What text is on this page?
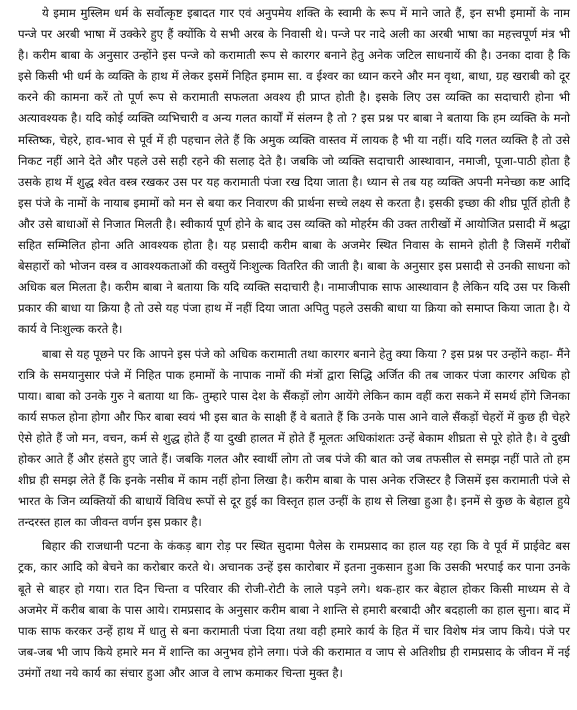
ये इमाम मुस्लिम धर्म के सर्वोत्कृष्ट इबादत गार एवं अनुपमेय शक्ति के स्वामी के रूप में माने जाते हैं, इन सभी इमामों के नाम पन्जे पर अरबी भाषा में उक्केरे हुए हैं क्योंकि ये सभी अरब के निवासी थे। पन्जे पर नादे अली का अरबी भाषा का महत्त्वपूर्ण मंत्र भी है। करीम बाबा के अनुसार उन्होंने इस पन्जे को करामाती रूप से कारगर बनाने हेतु अनेक जटिल साधनायें की है। उनका दावा है कि इसे किसी भी धर्म के व्यक्ति के हाथ में लेकर इसमें निहित इमाम सा. व ईश्वर का ध्यान करने और मन वृथा, बाधा, ग्रह खराबी को दूर करने की कामना करें तो पूर्ण रूप से करामाती सफलता अवश्य ही प्राप्त होती है। इसके लिए उस व्यक्ति का सदाचारी होना भी अत्यावश्यक है। यदि कोई व्यक्ति व्यभिचारी व अन्य गलत कार्यों में संलग्न है तो ? इस प्रश्न पर बाबा ने बताया कि हम व्यक्ति के मनो मस्तिष्क, चेहरे, हाव-भाव से पूर्व में ही पहचान लेते हैं कि अमुक व्यक्ति वास्तव में लायक है भी या नहीं। यदि गलत व्यक्ति है तो उसे निकट नहीं आने देते और पहले उसे सही रहने की सलाह देते है। जबकि जो व्यक्ति सदाचारी आस्थावान, नमाजी, पूजा-पाठी होता है उसके हाथ में शुद्ध श्वेत वस्त्र रखकर उस पर यह करामाती पंजा रख दिया जाता है। ध्यान से तब यह व्यक्ति अपनी मनेच्छा कष्ट आदि इस पंजे के नामों के नायाब इमामों को मन से बया कर निवारण की प्रार्थना सच्चे लक्ष्य से करता है। इसकी इच्छा की शीघ्र पूर्ति होती है और उसे बाधाओं से निजात मिलती है। स्वीकार्य पूर्ण होने के बाद उस व्यक्ति को मोहर्रम की उक्त तारीखों में आयोजित प्रसादी में श्रद्धा सहित सम्मिलित होना अति आवश्यक होता है। यह प्रसादी करीम बाबा के अजमेर स्थित निवास के सामने होती है जिसमें गरीबों बेसहारों को भोजन वस्त्र व आवश्यकताओं की वस्तुयें निःशुल्क वितरित की जाती है। बाबा के अनुसार इस प्रसादी से उनकी साधना को अधिक बल मिलता है। करीम बाबा ने बताया कि यदि व्यक्ति सदाचारी है। नामाजीपाक साफ आस्थावान है लेकिन यदि उस पर किसी प्रकार की बाधा या क्रिया है तो उसे यह पंजा हाथ में नहीं दिया जाता अपितु पहले उसकी बाधा या क्रिया को समाप्त किया जाता है। ये कार्य वे निःशुल्क करते है।

बाबा से यह पूछने पर कि आपने इस पंजे को अधिक करामाती तथा कारगर बनाने हेतु क्या किया ? इस प्रश्न पर उन्होंने कहा- मैंने रात्रि के समयानुसार पंजे में निहित पाक हमामों के नापाक नामों की मंत्रों द्वारा सिद्धि अर्जित की तब जाकर पंजा कारगर अधिक हो पाया। बाबा को उनके गुरु ने बताया था कि- तुम्हारे पास देश के सैंकड़ों लोग आयेंगे लेकिन काम वहीं करा सकने में समर्थ होंगे जिनका कार्य सफल होना होगा और फिर बाबा स्वयं भी इस बात के साक्षी हैं वे बताते हैं कि उनके पास आने वाले सैंकड़ों चेहरों में कुछ ही चेहरे ऐसे होते हैं जो मन, वचन, कर्म से शुद्ध होते हैं या दुखी हालत में होते हैं मूलतः अधिकांशतः उन्हें बेकाम शीघ्रता से पूरे होते है। वे दुखी होकर आते हैं और हंसते हुए जाते हैं। जबकि गलत और स्वार्थी लोग तो जब पंजे की बात को जब तफसील से समझ नहीं पाते तो हम शीघ्र ही समझ लेते हैं कि इनके नसीब में काम नहीं होना लिखा है। करीम बाबा के पास अनेक रजिस्टर है जिसमें इस करामाती पंजे से भारत के जिन व्यक्तियों की बाधायें विविध रूपों से दूर हुई का विस्तृत हाल उन्हीं के हाथ से लिखा हुआ है। इनमें से कुछ के बेहाल हुये तन्दरस्त हाल का जीवन्त वर्णन इस प्रकार है।

बिहार की राजधानी पटना के कंकड़ बाग रोड़ पर स्थित सुदामा पैलेस के रामप्रसाद का हाल यह रहा कि वे पूर्व में प्राईवेट बस ट्रक, कार आदि को बेचने का करोबार करते थे। अचानक उन्हें इस कारोबार में इतना नुकसान हुआ कि उसकी भरपाई कर पाना उनके बूते से बाहर हो गया। रात दिन चिन्ता व परिवार की रोजी-रोटी के लाले पड़ने लगे। थक-हार कर बेहाल होकर किसी माध्यम से वे अजमेर में करीब बाबा के पास आये। रामप्रसाद के अनुसार करीम बाबा ने शान्ति से हमारी बरबादी और बदहाली का हाल सुना। बाद में पाक साफ करकर उन्हें हाथ में धातु से बना करामाती पंजा दिया तथा वही हमारे कार्य के हित में चार विशेष मंत्र जाप किये। पंजे पर जब-जब भी जाप किये हमारे मन में शान्ति का अनुभव होने लगा। पंजे की करामात व जाप से अतिशीघ्र ही रामप्रसाद के जीवन में नई उमंगों तथा नये कार्य का संचार हुआ और आज वे लाभ कमाकर चिन्ता मुक्त है।
